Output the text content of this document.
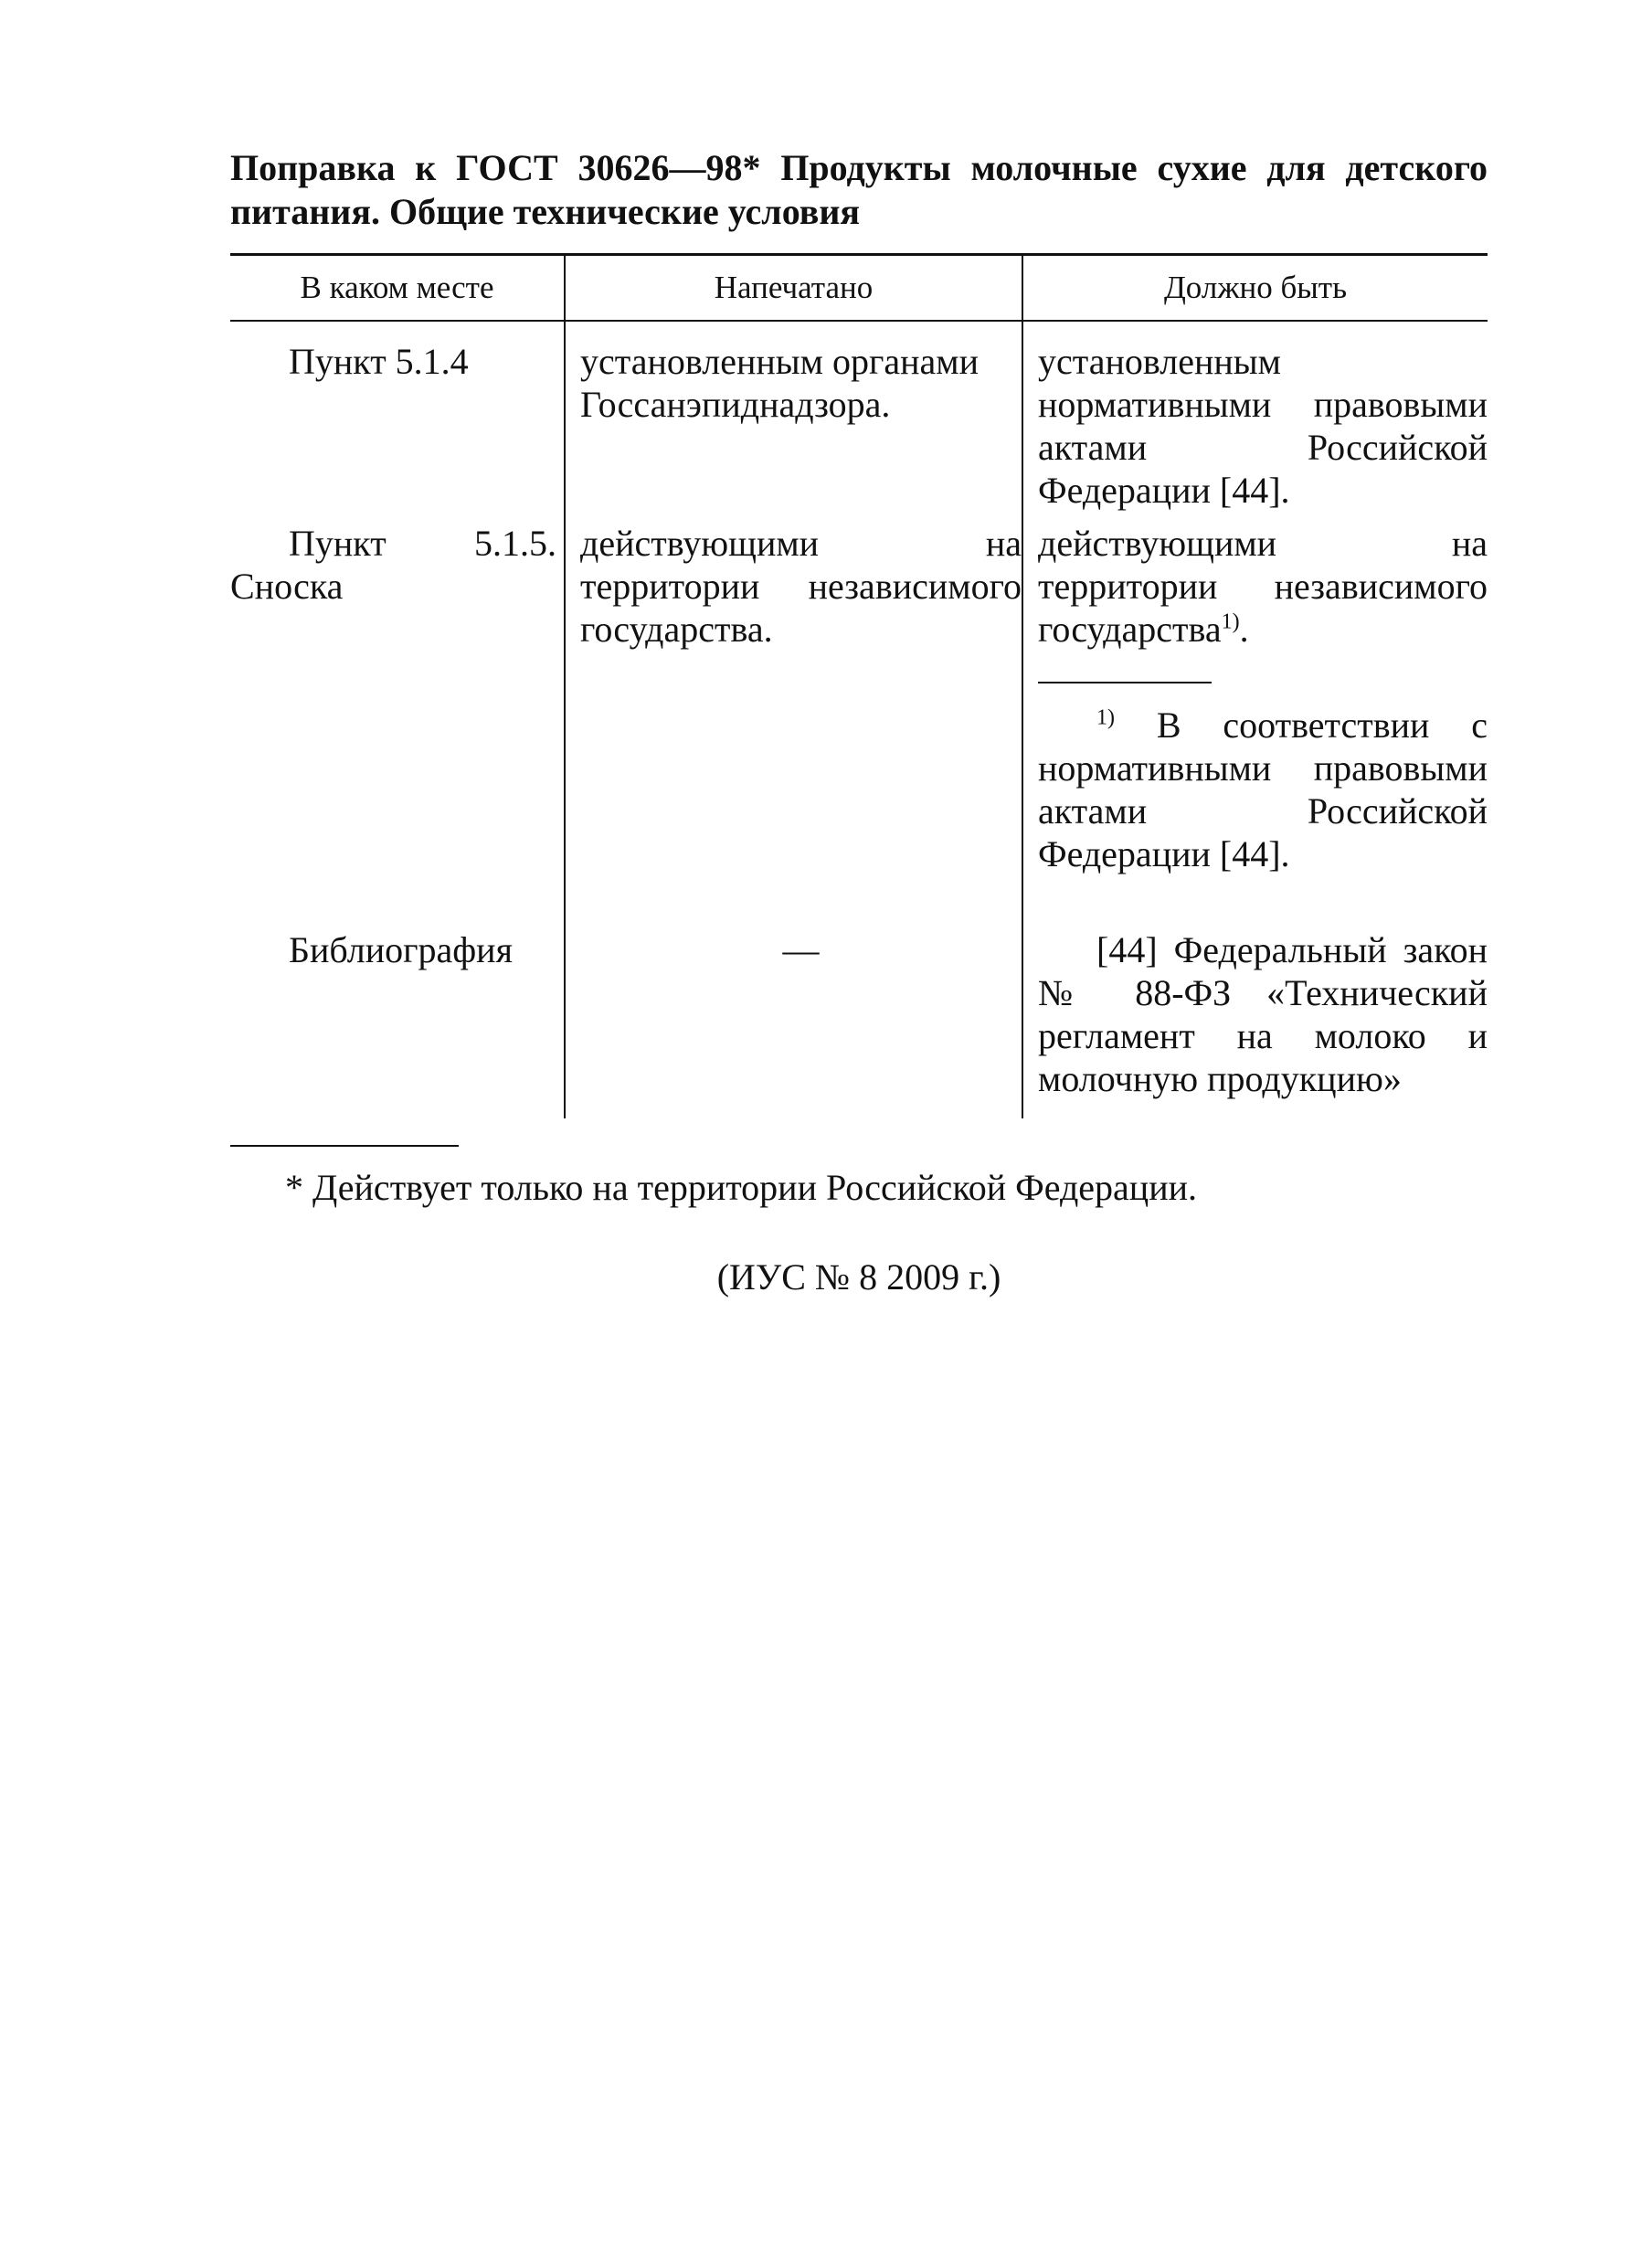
Поправка к ГОСТ 30626—98* Продукты молочные сухие для детского питания. Общие технические условия
В каком месте	Напечатано	Должно быть
Пункт 5.1.4	установленным органами Госсанэпиднадзора.	установленным нормативными правовыми актами Российской Федерации [44].
Пункт 5.1.5. Сноска	действующими на территории независимого государства.	действующими на территории независимого государства$^{1)}$.
$^{1)}$ В соответствии с нормативными правовыми актами Российской Федерации [44].

Библиография	—	[44] Федеральный закон № 88-ФЗ «Технический регламент на молоко и молочную продукцию»

* Действует только на территории Российской Федерации.

(ИУС № 8 2009 г.)
